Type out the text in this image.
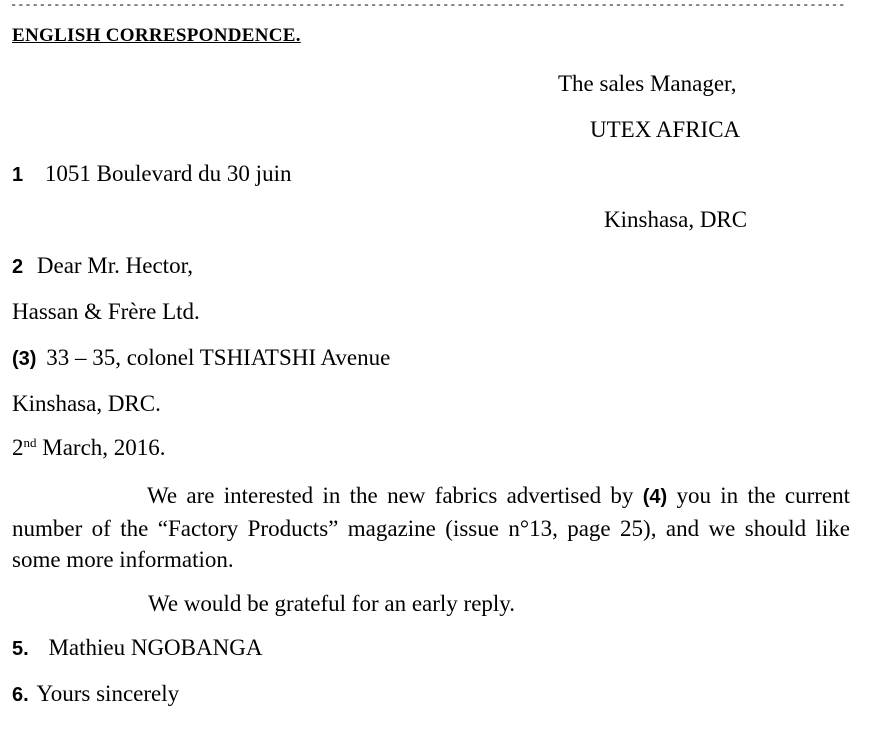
--------------------------------------------------------------------------------------------------------------------
ENGLISH CORRESPONDENCE.
The sales Manager,
UTEX AFRICA
1 1051 Boulevard du 30 juin
Kinshasa, DRC
2 Dear Mr. Hector,
Hassan & Frère Ltd.
(3) 33 – 35, colonel TSHIATSHI Avenue
Kinshasa, DRC.
2nd March, 2016.
We are interested in the new fabrics advertised by (4) you in the current number of the “Factory Products” magazine (issue n°13, page 25), and we should like some more information.
We would be grateful for an early reply.
5. Mathieu NGOBANGA
6. Yours sincerely
